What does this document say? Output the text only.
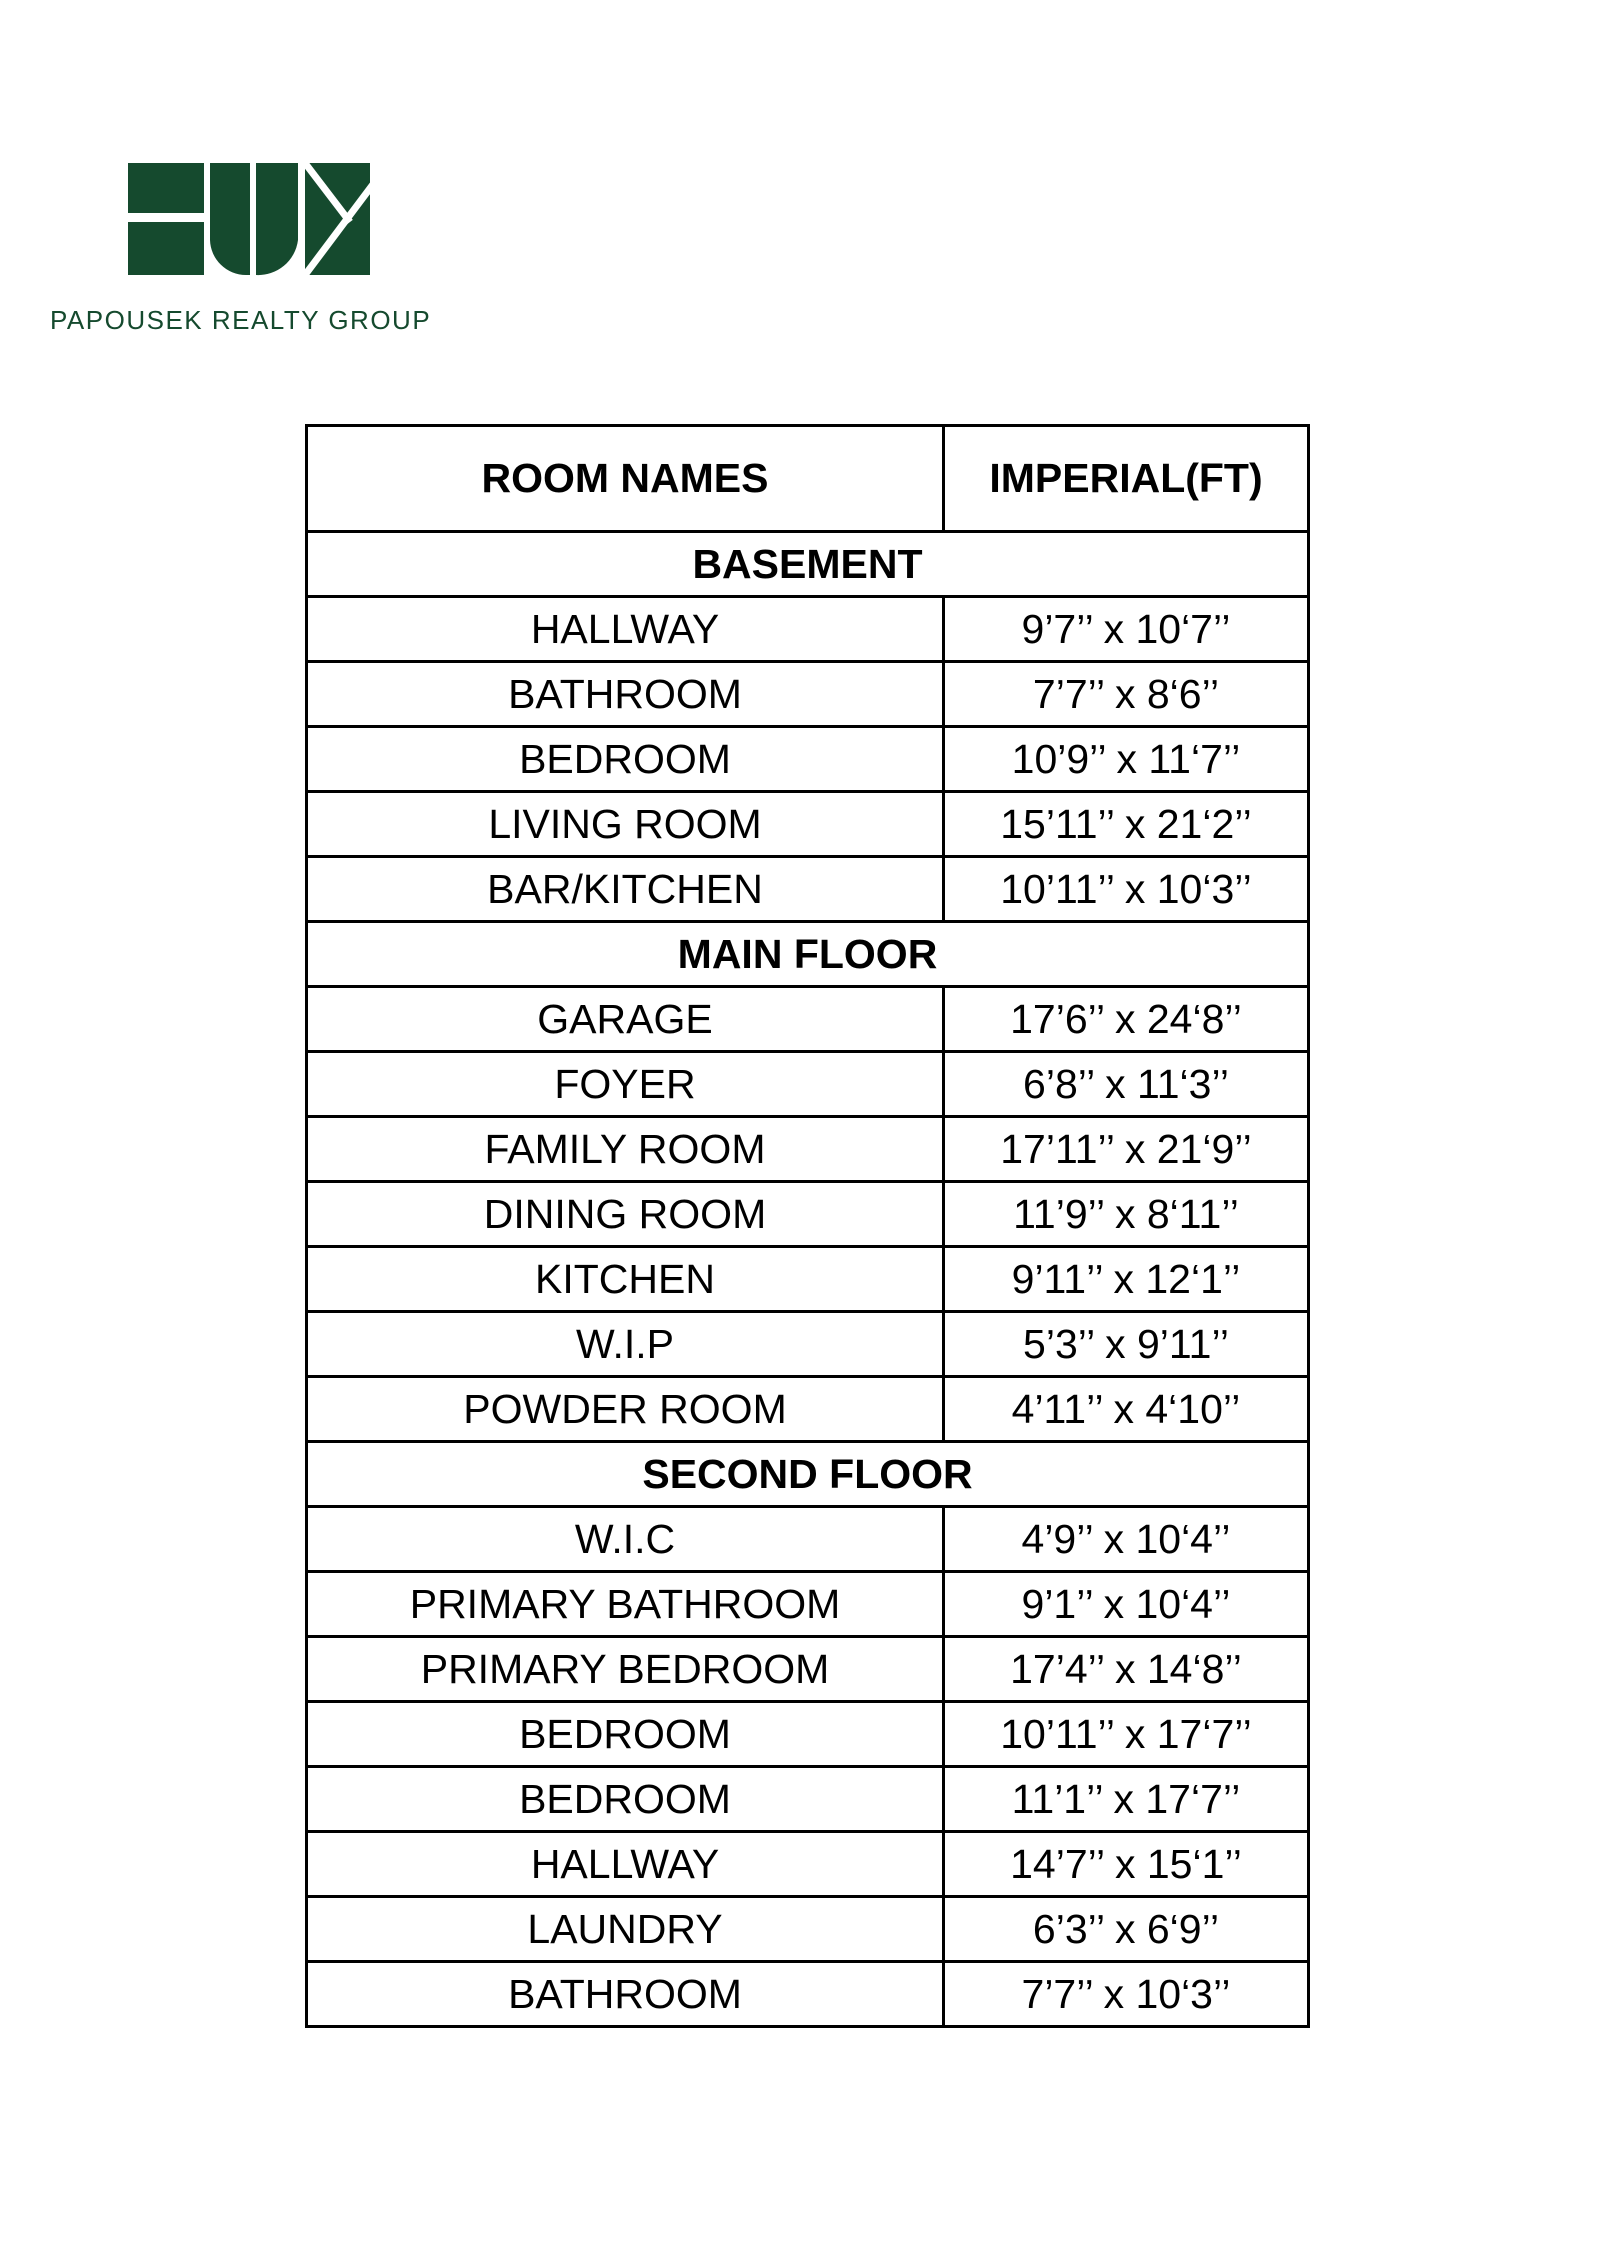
PAPOUSEK REALTY GROUP
ROOM NAMES	IMPERIAL(FT)
BASEMENT	
HALLWAY	9’7’’ x 10‘7’’
BATHROOM	7’7’’ x 8‘6’’
BEDROOM	10’9’’ x 11‘7’’
LIVING ROOM	15’11’’ x 21‘2’’
BAR/KITCHEN	10’11’’ x 10‘3’’
MAIN FLOOR	
GARAGE	17’6’’ x 24‘8’’
FOYER	6’8’’ x 11‘3’’
FAMILY ROOM	17’11’’ x 21‘9’’
DINING ROOM	11’9’’ x 8‘11’’
KITCHEN	9’11’’ x 12‘1’’
W.I.P	5’3’’ x 9’11’’
POWDER ROOM	4’11’’ x 4‘10’’
SECOND FLOOR	
W.I.C	4’9’’ x 10‘4’’
PRIMARY BATHROOM	9’1’’ x 10‘4’’
PRIMARY BEDROOM	17’4’’ x 14‘8’’
BEDROOM	10’11’’ x 17‘7’’
BEDROOM	11’1’’ x 17‘7’’
HALLWAY	14’7’’ x 15‘1’’
LAUNDRY	6’3’’ x 6‘9’’
BATHROOM	7’7’’ x 10‘3’’
